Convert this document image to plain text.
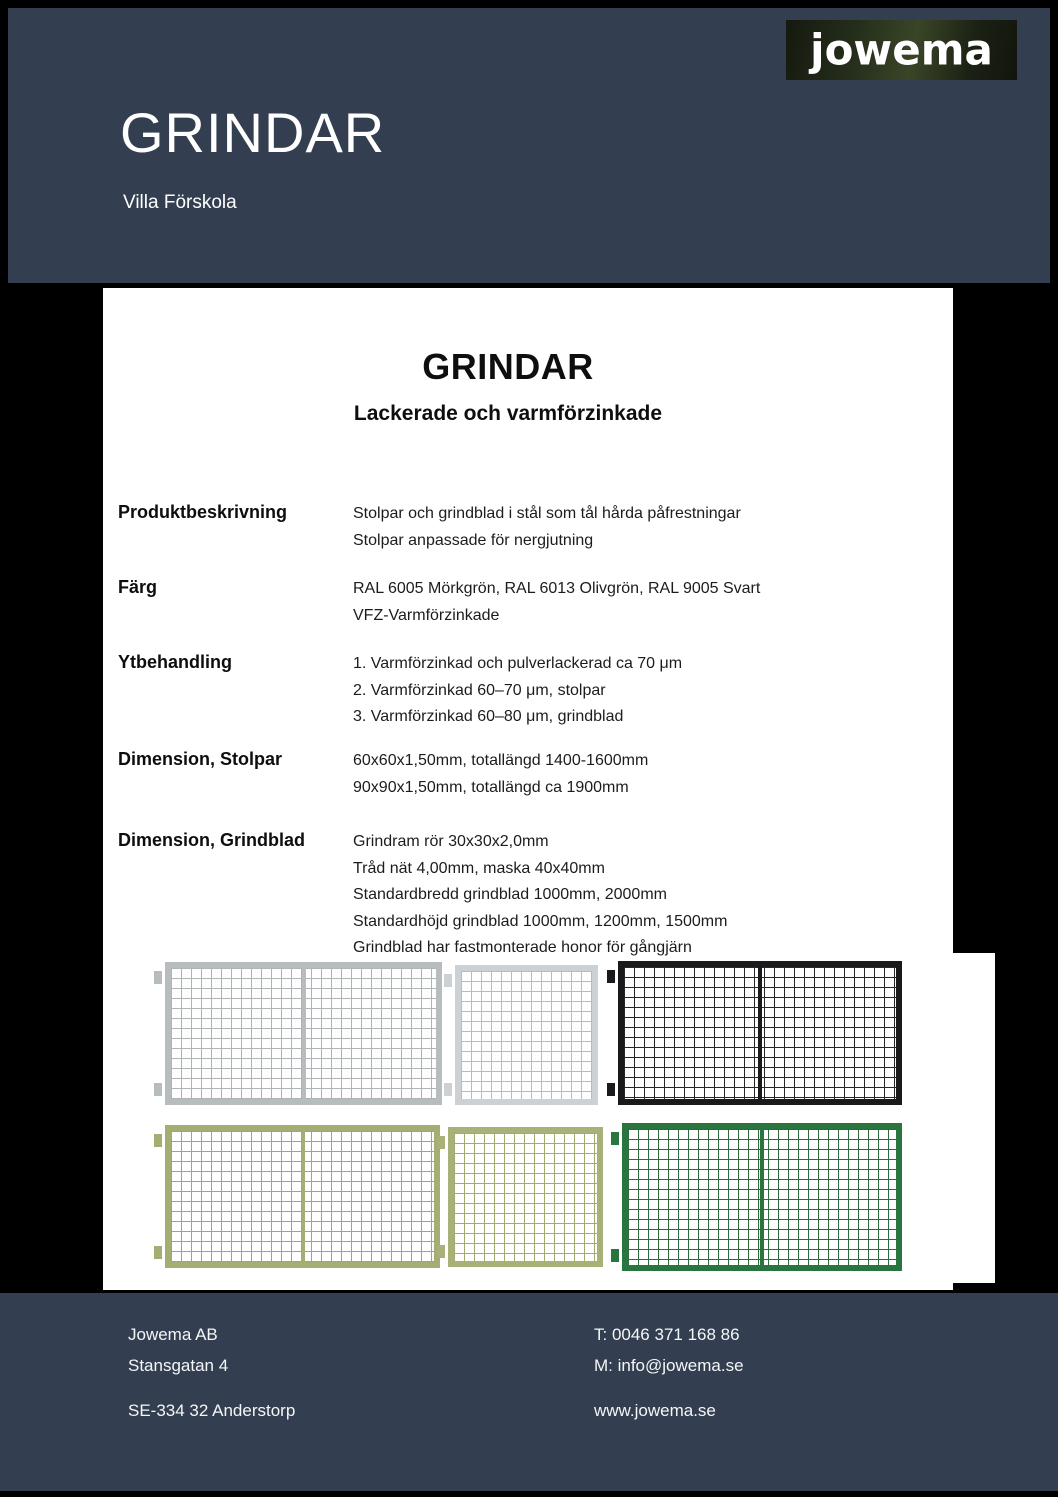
GRINDAR
Villa Förskola
jowema
GRINDAR
Lackerade och varmförzinkade
Produktbeskrivning	Stolpar och grindblad i stål som tål hårda påfrestningar
Stolpar anpassade för nergjutning
Färg	RAL 6005 Mörkgrön, RAL 6013 Olivgrön, RAL 9005 Svart
VFZ-Varmförzinkade
Ytbehandling	1. Varmförzinkad och pulverlackerad ca 70 μm
2. Varmförzinkad 60–70 μm, stolpar
3. Varmförzinkad 60–80 μm, grindblad
Dimension, Stolpar	60x60x1,50mm, totallängd 1400-1600mm
90x90x1,50mm, totallängd ca 1900mm
Dimension, Grindblad	Grindram rör 30x30x2,0mm
Tråd nät 4,00mm, maska 40x40mm
Standardbredd grindblad 1000mm, 2000mm
Standardhöjd grindblad 1000mm, 1200mm, 1500mm
Grindblad har fastmonterade honor för gångjärn
Jowema AB
Stansgatan 4
SE-334 32 Anderstorp
T: 0046 371 168 86
M: info@jowema.se
www.jowema.se
